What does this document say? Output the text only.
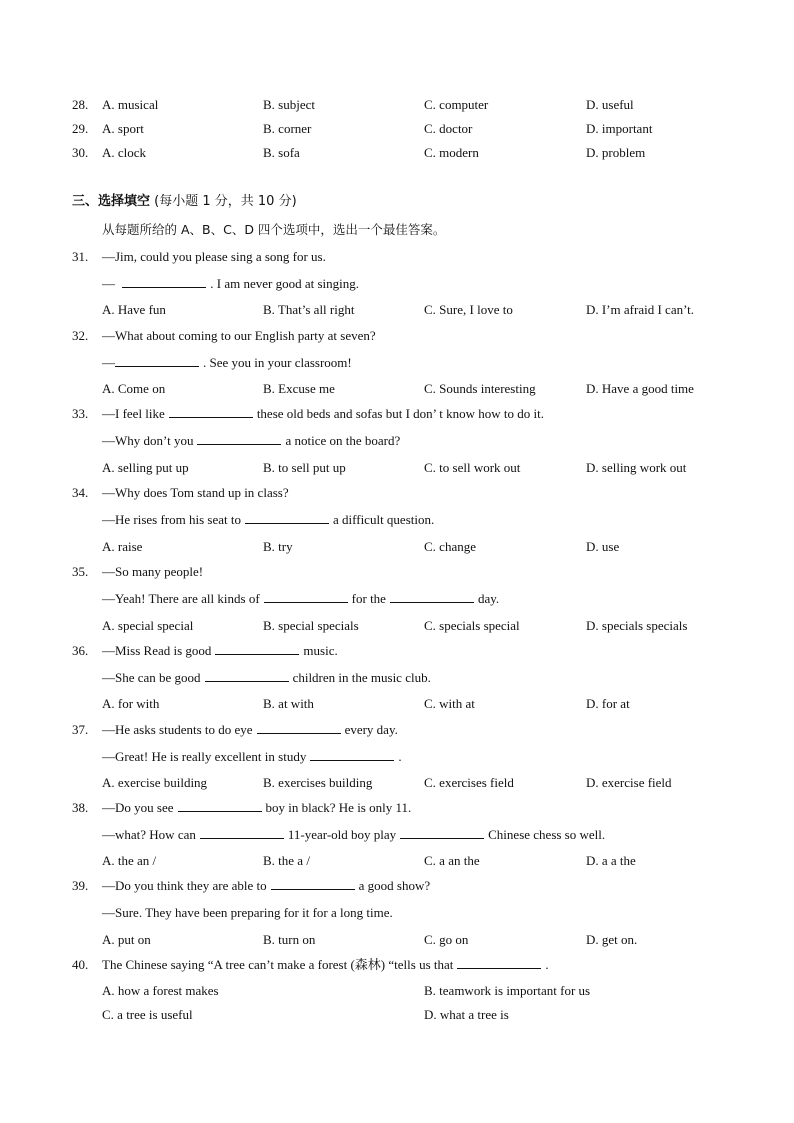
28. A. musical	B. subject	C. computer	D. useful
29. A. sport	B. corner	C. doctor	D. important
30. A. clock	B. sofa	C. modern	D. problem
三、选择填空 (每小题 1 分，共 10 分)
从每题所给的 A、B、C、D 四个选项中，选出一个最佳答案。
31. —Jim, could you please sing a song for us.
—	. I am never good at singing.
A. Have fun	B. That’s all right	C. Sure, I love to	D. I’m afraid I can’t.
32. —What about coming to our English party at seven?
—	. See you in your classroom!
A. Come on	B. Excuse me	C. Sounds interesting	D. Have a good time
33. —I feel like	these old beds and sofas but I don’ t know how to do it.
—Why don’t you	a notice on the board?
A. selling put up	B. to sell put up	C. to sell work out	D. selling work out
34. —Why does Tom stand up in class?
—He rises from his seat to	a difficult question.
A. raise	B. try	C. change	D. use
35. —So many people!
—Yeah! There are all kinds of	for the	day.
A. special special	B. special specials	C. specials special	D. specials specials
36. —Miss Read is good	music.
—She can be good	children in the music club.
A. for with	B. at with	C. with at	D. for at
37. —He asks students to do eye	every day.
—Great! He is really excellent in study	.
A. exercise building	B. exercises building	C. exercises field	D. exercise field
38. —Do you see	boy in black? He is only 11.
—what? How can	11-year-old boy play	Chinese chess so well.
A. the an /	B. the a /	C. a an the	D. a a the
39. —Do you think they are able to	a good show?
—Sure. They have been preparing for it for a long time.
A. put on	B. turn on	C. go on	D. get on.
40. The Chinese saying “A tree can’t make a forest (森林) “tells us that	.
A. how a forest makes	B. teamwork is important for us
C. a tree is useful	D. what a tree is
